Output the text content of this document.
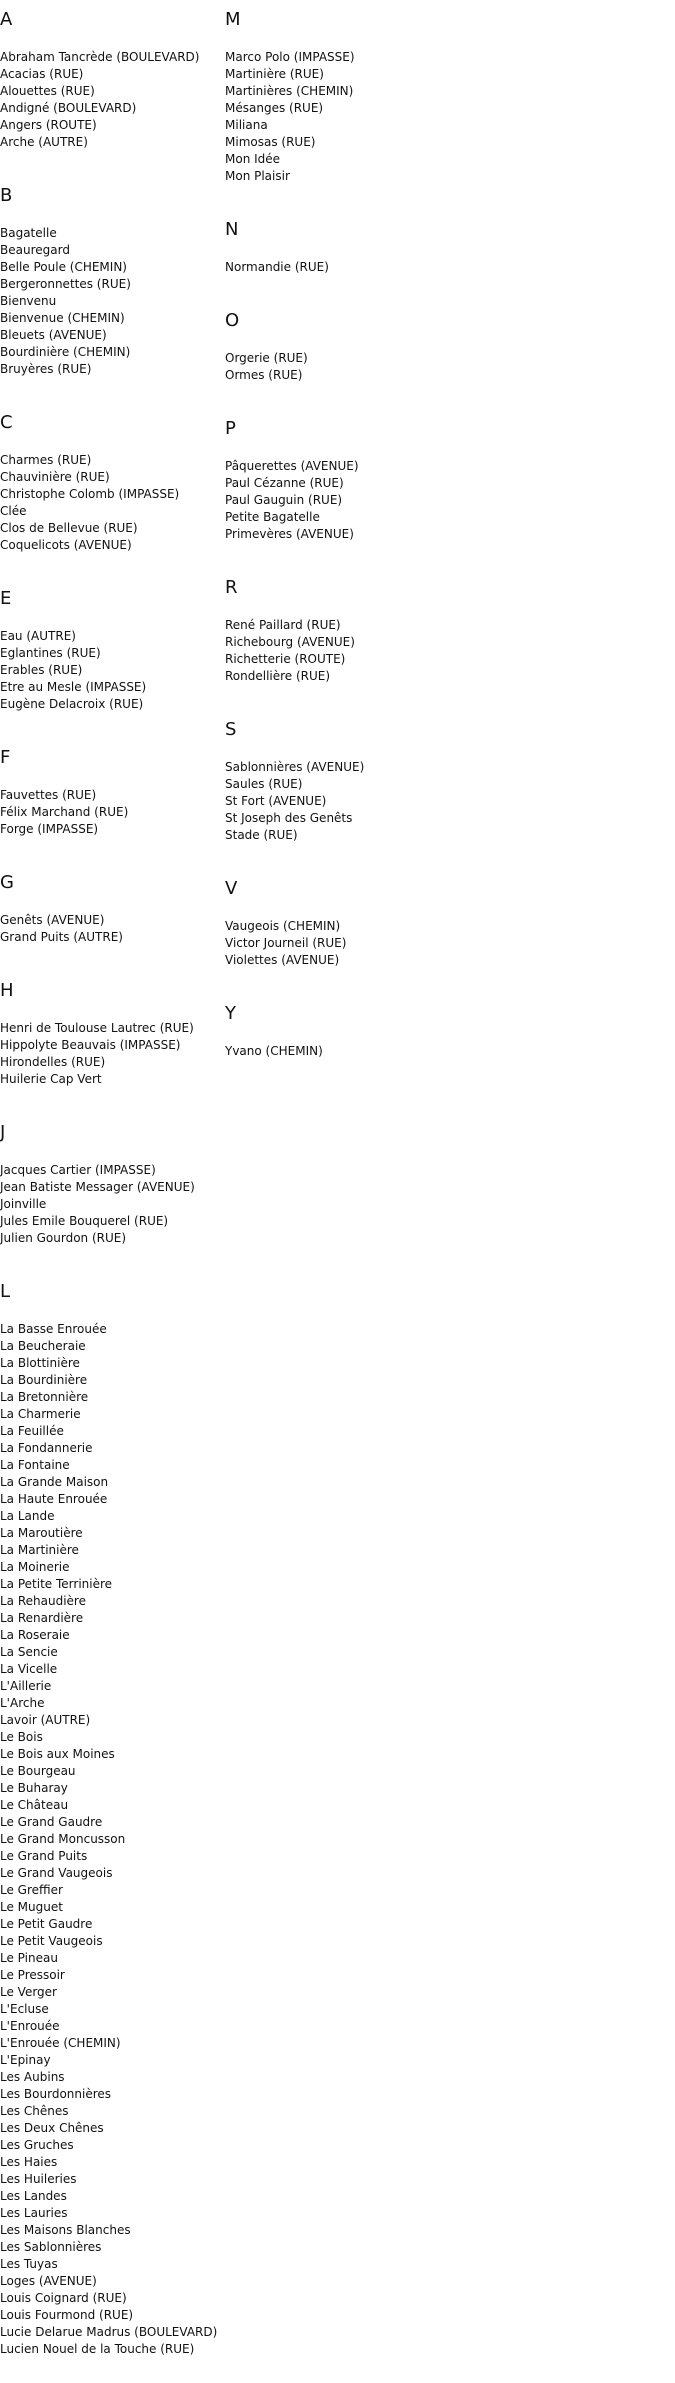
A
Abraham Tancrède (BOULEVARD)
Acacias (RUE)
Alouettes (RUE)
Andigné (BOULEVARD)
Angers (ROUTE)
Arche (AUTRE)
B
Bagatelle
Beauregard
Belle Poule (CHEMIN)
Bergeronnettes (RUE)
Bienvenu
Bienvenue (CHEMIN)
Bleuets (AVENUE)
Bourdinière (CHEMIN)
Bruyères (RUE)
C
Charmes (RUE)
Chauvinière (RUE)
Christophe Colomb (IMPASSE)
Clée
Clos de Bellevue (RUE)
Coquelicots (AVENUE)
E
Eau (AUTRE)
Eglantines (RUE)
Erables (RUE)
Etre au Mesle (IMPASSE)
Eugène Delacroix (RUE)
F
Fauvettes (RUE)
Félix Marchand (RUE)
Forge (IMPASSE)
G
Genêts (AVENUE)
Grand Puits (AUTRE)
H
Henri de Toulouse Lautrec (RUE)
Hippolyte Beauvais (IMPASSE)
Hirondelles (RUE)
Huilerie Cap Vert
J
Jacques Cartier (IMPASSE)
Jean Batiste Messager (AVENUE)
Joinville
Jules Emile Bouquerel (RUE)
Julien Gourdon (RUE)
L
La Basse Enrouée
La Beucheraie
La Blottinière
La Bourdinière
La Bretonnière
La Charmerie
La Feuillée
La Fondannerie
La Fontaine
La Grande Maison
La Haute Enrouée
La Lande
La Maroutière
La Martinière
La Moinerie
La Petite Terrinière
La Rehaudière
La Renardière
La Roseraie
La Sencie
La Vicelle
L'Aillerie
L'Arche
Lavoir (AUTRE)
Le Bois
Le Bois aux Moines
Le Bourgeau
Le Buharay
Le Château
Le Grand Gaudre
Le Grand Moncusson
Le Grand Puits
Le Grand Vaugeois
Le Greffier
Le Muguet
Le Petit Gaudre
Le Petit Vaugeois
Le Pineau
Le Pressoir
Le Verger
L'Ecluse
L'Enrouée
L'Enrouée (CHEMIN)
L'Epinay
Les Aubins
Les Bourdonnières
Les Chênes
Les Deux Chênes
Les Gruches
Les Haies
Les Huileries
Les Landes
Les Lauries
Les Maisons Blanches
Les Sablonnières
Les Tuyas
Loges (AVENUE)
Louis Coignard (RUE)
Louis Fourmond (RUE)
Lucie Delarue Madrus (BOULEVARD)
Lucien Nouel de la Touche (RUE)
M
Marco Polo (IMPASSE)
Martinière (RUE)
Martinières (CHEMIN)
Mésanges (RUE)
Miliana
Mimosas (RUE)
Mon Idée
Mon Plaisir
N
Normandie (RUE)
O
Orgerie (RUE)
Ormes (RUE)
P
Pâquerettes (AVENUE)
Paul Cézanne (RUE)
Paul Gauguin (RUE)
Petite Bagatelle
Primevères (AVENUE)
R
René Paillard (RUE)
Richebourg (AVENUE)
Richetterie (ROUTE)
Rondellière (RUE)
S
Sablonnières (AVENUE)
Saules (RUE)
St Fort (AVENUE)
St Joseph des Genêts
Stade (RUE)
V
Vaugeois (CHEMIN)
Victor Journeil (RUE)
Violettes (AVENUE)
Y
Yvano (CHEMIN)
